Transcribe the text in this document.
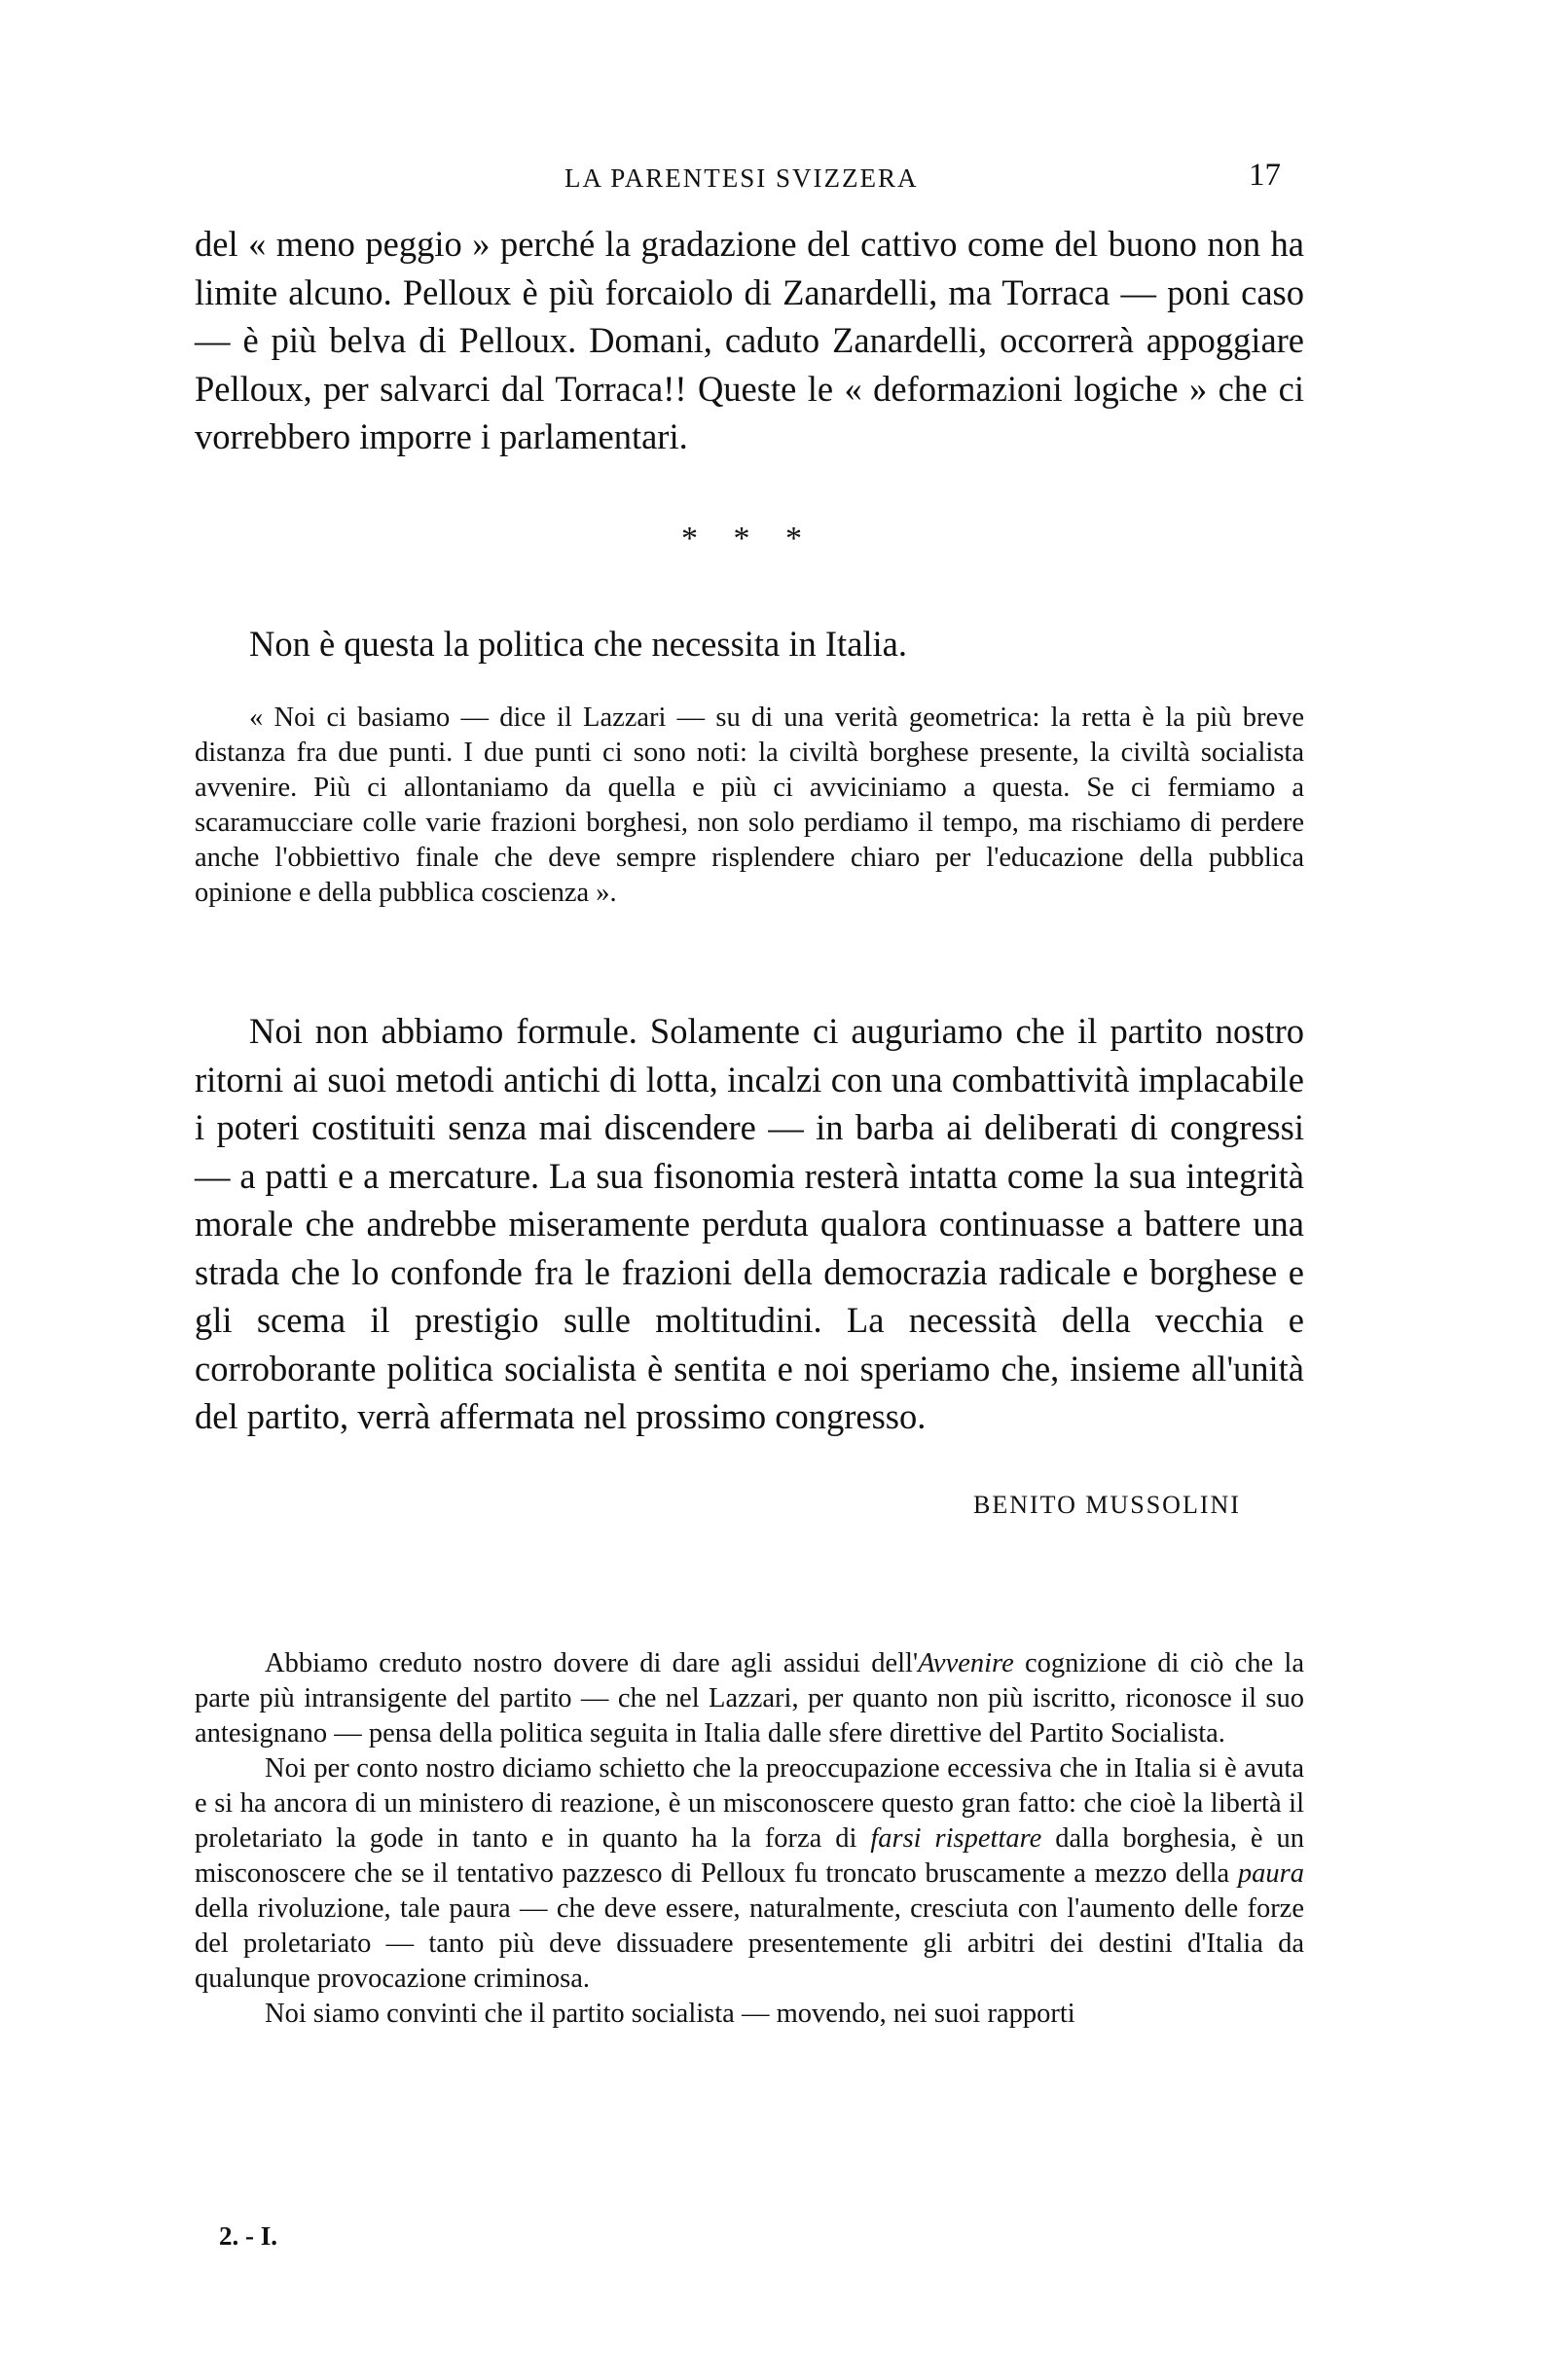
LA PARENTESI SVIZZERA	17

del « meno peggio » perché la gradazione del cattivo come del buono non ha limite alcuno. Pelloux è più forcaiolo di Zanardelli, ma Torraca — poni caso — è più belva di Pelloux. Domani, caduto Zanardelli, occorrerà appoggiare Pelloux, per salvarci dal Torraca!! Queste le « deformazioni logiche » che ci vorrebbero imporre i parlamentari.

* * *
Non è questa la politica che necessita in Italia.

« Noi ci basiamo — dice il Lazzari — su di una verità geometrica: la retta è la più breve distanza fra due punti. I due punti ci sono noti: la civiltà borghese presente, la civiltà socialista avvenire. Più ci allontaniamo da quella e più ci avviciniamo a questa. Se ci fermiamo a scaramucciare colle varie frazioni borghesi, non solo perdiamo il tempo, ma rischiamo di perdere anche l'obbiettivo finale che deve sempre risplendere chiaro per l'educazione della pubblica opinione e della pubblica coscienza ».

Noi non abbiamo formule. Solamente ci auguriamo che il partito nostro ritorni ai suoi metodi antichi di lotta, incalzi con una combattività implacabile i poteri costituiti senza mai discendere — in barba ai deliberati di congressi — a patti e a mercature. La sua fisonomia resterà intatta come la sua integrità morale che andrebbe miseramente perduta qualora continuasse a battere una strada che lo confonde fra le frazioni della democrazia radicale e borghese e gli scema il prestigio sulle moltitudini. La necessità della vecchia e corroborante politica socialista è sentita e noi speriamo che, insieme all'unità del partito, verrà affermata nel prossimo congresso.

BENITO MUSSOLINI

Abbiamo creduto nostro dovere di dare agli assidui dell'Avvenire cognizione di ciò che la parte più intransigente del partito — che nel Lazzari, per quanto non più iscritto, riconosce il suo antesignano — pensa della politica seguita in Italia dalle sfere direttive del Partito Socialista.

Noi per conto nostro diciamo schietto che la preoccupazione eccessiva che in Italia si è avuta e si ha ancora di un ministero di reazione, è un misconoscere questo gran fatto: che cioè la libertà il proletariato la gode in tanto e in quanto ha la forza di farsi rispettare dalla borghesia, è un misconoscere che se il tentativo pazzesco di Pelloux fu troncato bruscamente a mezzo della paura della rivoluzione, tale paura — che deve essere, naturalmente, cresciuta con l'aumento delle forze del proletariato — tanto più deve dissuadere presentemente gli arbitri dei destini d'Italia da qualunque provocazione criminosa.

Noi siamo convinti che il partito socialista — movendo, nei suoi rapporti

2. - I.
